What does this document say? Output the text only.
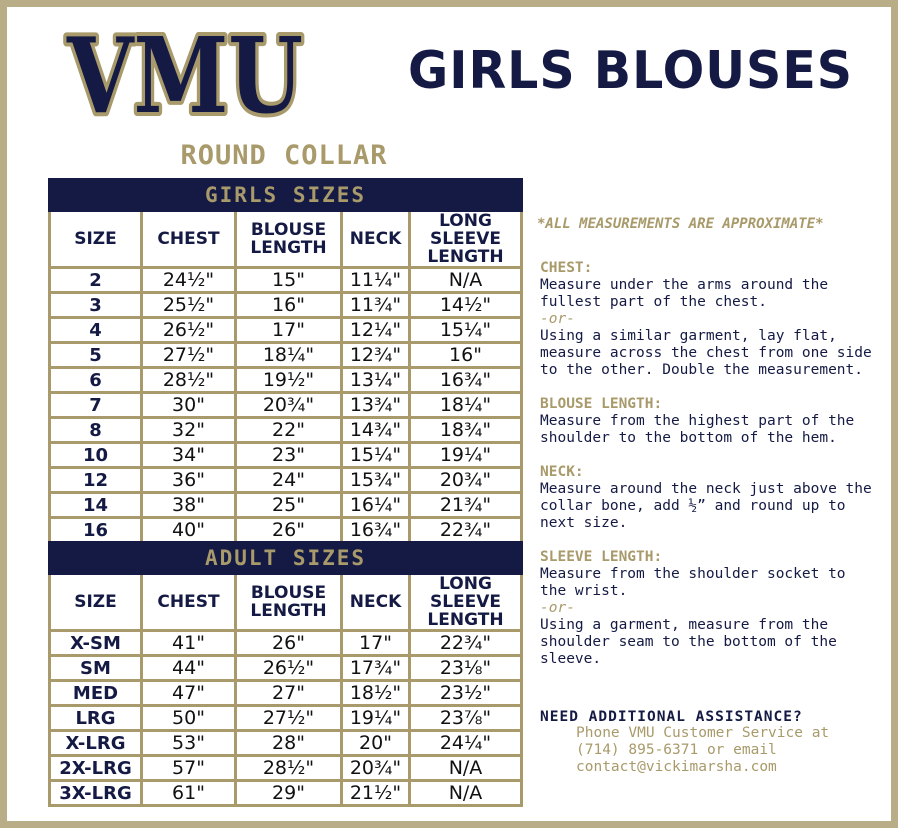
VMU GIRLS BLOUSES
ROUND COLLAR
GIRLS SIZES				
SIZE	CHEST	BLOUSE LENGTH	NECK	LONG SLEEVE LENGTH
2	24½"	15"	11¼"	N/A
3	25½"	16"	11¾"	14½"
4	26½"	17"	12¼"	15¼"
5	27½"	18¼"	12¾"	16"
6	28½"	19½"	13¼"	16¾"
7	30"	20¾"	13¾"	18¼"
8	32"	22"	14¾"	18¾"
10	34"	23"	15¼"	19¼"
12	36"	24"	15¾"	20¾"
14	38"	25"	16¼"	21¾"
16	40"	26"	16¾"	22¾"
ADULT SIZES				
SIZE	CHEST	BLOUSE LENGTH	NECK	LONG SLEEVE LENGTH
X-SM	41"	26"	17"	22¾"
SM	44"	26½"	17¾"	23⅛"
MED	47"	27"	18½"	23½"
LRG	50"	27½"	19¼"	23⅞"
X-LRG	53"	28"	20"	24¼"
2X-LRG	57"	28½"	20¾"	N/A
3X-LRG	61"	29"	21½"	N/A
*ALL MEASUREMENTS ARE APPROXIMATE*
CHEST:
Measure under the arms around the fullest part of the chest.
-or-
Using a similar garment, lay flat, measure across the chest from one side to the other. Double the measurement.
BLOUSE LENGTH:
Measure from the highest part of the shoulder to the bottom of the hem.
NECK:
Measure around the neck just above the collar bone, add ½” and round up to next size.
SLEEVE LENGTH:
Measure from the shoulder socket to the wrist.
-or-
Using a garment, measure from the shoulder seam to the bottom of the sleeve.
NEED ADDITIONAL ASSISTANCE?
Phone VMU Customer Service at (714) 895-6371 or email contact@vickimarsha.com
